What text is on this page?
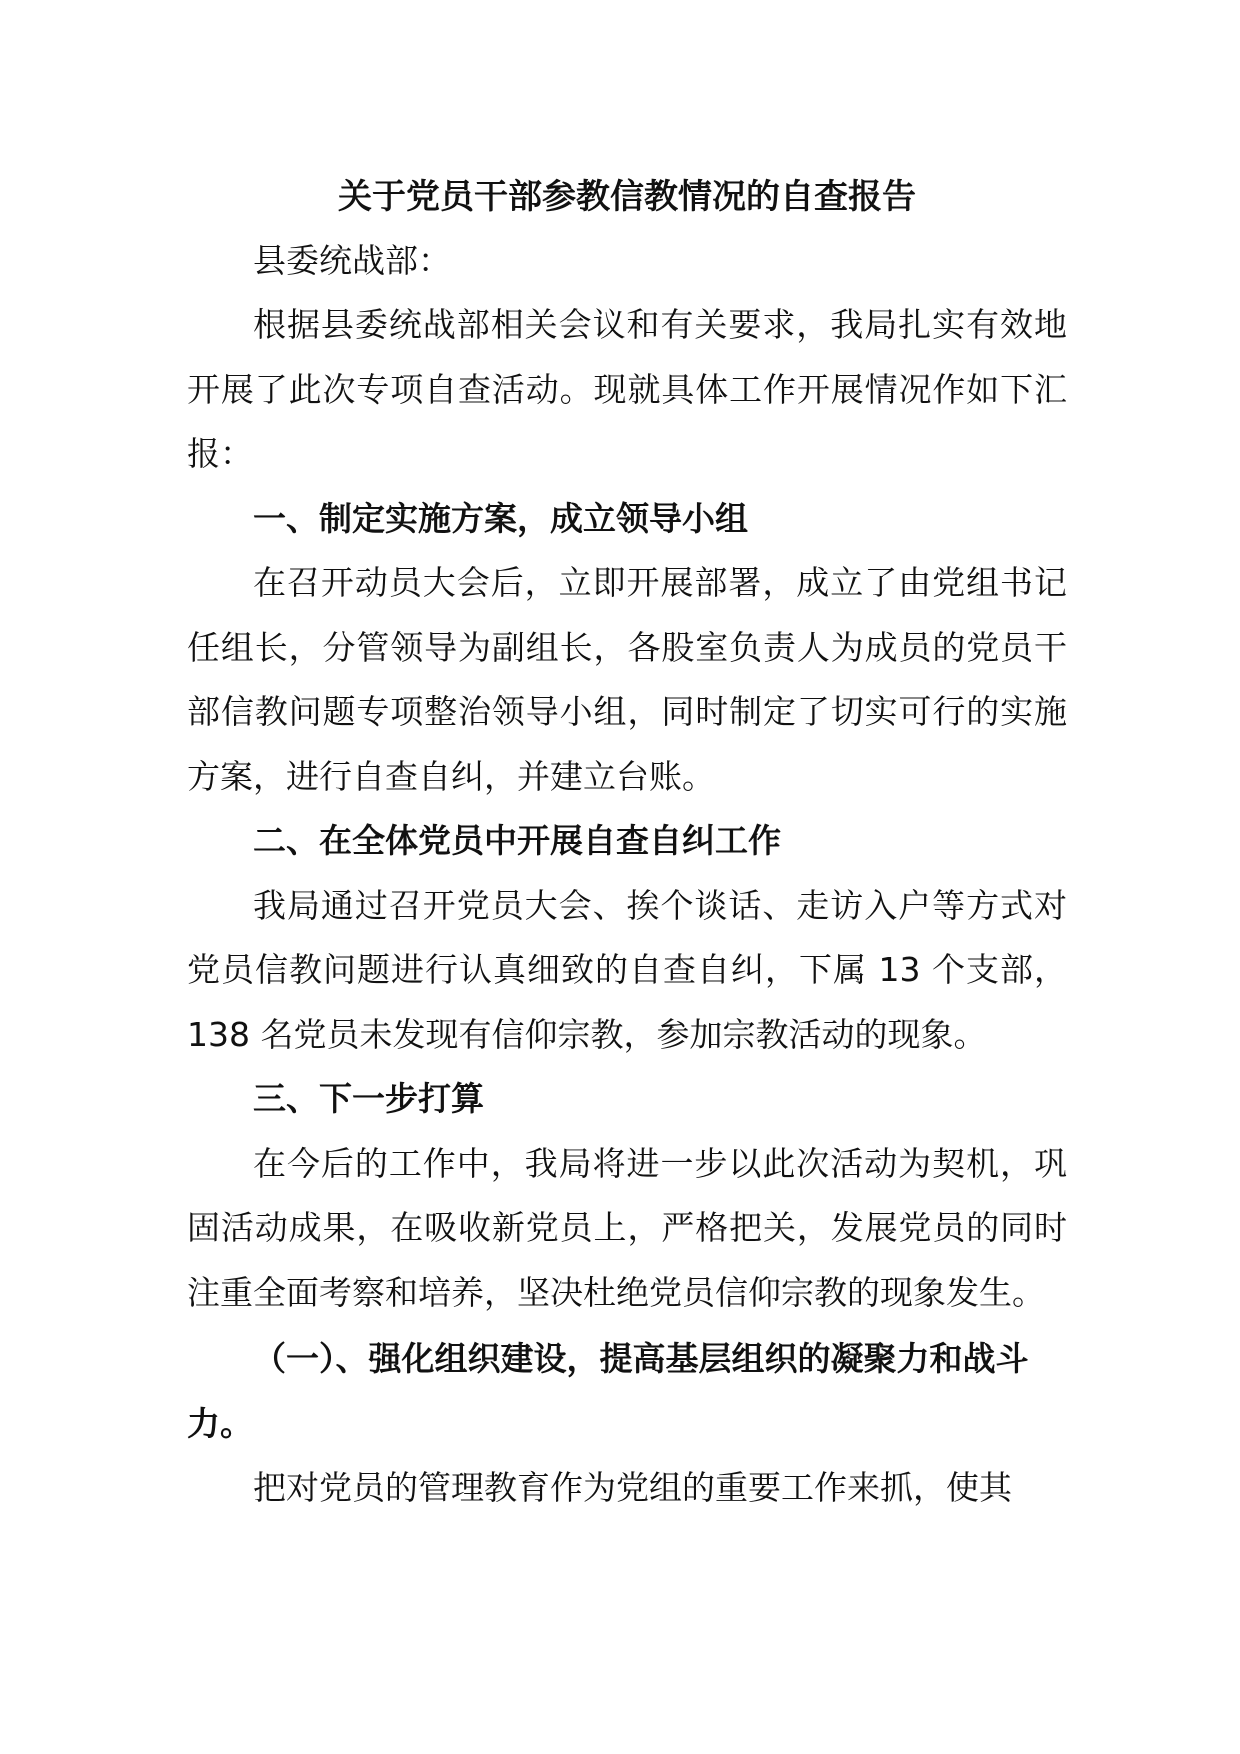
关于党员干部参教信教情况的自查报告

县委统战部：

根据县委统战部相关会议和有关要求，我局扎实有效地开展了此次专项自查活动。现就具体工作开展情况作如下汇报：

一、制定实施方案，成立领导小组

在召开动员大会后，立即开展部署，成立了由党组书记任组长，分管领导为副组长，各股室负责人为成员的党员干部信教问题专项整治领导小组，同时制定了切实可行的实施方案，进行自查自纠，并建立台账。

二、在全体党员中开展自查自纠工作

我局通过召开党员大会、挨个谈话、走访入户等方式对党员信教问题进行认真细致的自查自纠，下属 13 个支部，138 名党员未发现有信仰宗教，参加宗教活动的现象。

三、下一步打算

在今后的工作中，我局将进一步以此次活动为契机，巩固活动成果，在吸收新党员上，严格把关，发展党员的同时注重全面考察和培养，坚决杜绝党员信仰宗教的现象发生。

（一）、强化组织建设，提高基层组织的凝聚力和战斗力。

把对党员的管理教育作为党组的重要工作来抓，使其
